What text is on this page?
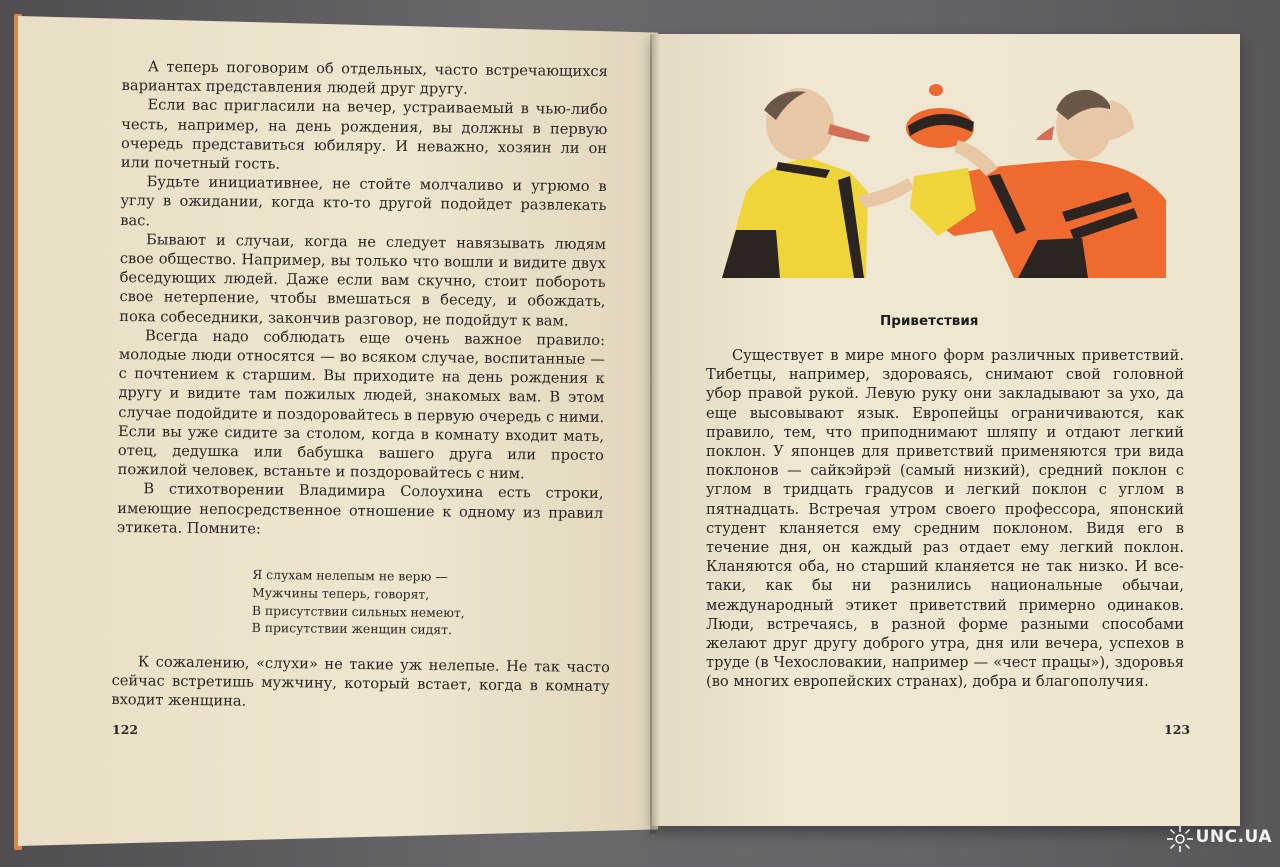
А теперь поговорим об отдельных, часто встречающихся вариантах представления людей друг другу.

Если вас пригласили на вечер, устраиваемый в чью-либо честь, например, на день рождения, вы должны в первую очередь представиться юбиляру. И неважно, хозяин ли он или почетный гость.

Будьте инициативнее, не стойте молчаливо и угрюмо в углу в ожидании, когда кто-то другой подойдет развлекать вас.

Бывают и случаи, когда не следует навязывать людям свое общество. Например, вы только что вошли и видите двух беседующих людей. Даже если вам скучно, стоит побороть свое нетерпение, чтобы вмешаться в беседу, и обождать, пока собеседники, закончив разговор, не подойдут к вам.

Всегда надо соблюдать еще очень важное правило: молодые люди относятся — во всяком случае, воспитанные — с почтением к старшим. Вы приходите на день рождения к другу и видите там пожилых людей, знакомых вам. В этом случае подойдите и поздоровайтесь в первую очередь с ними. Если вы уже сидите за столом, когда в комнату входит мать, отец, дедушка или бабушка вашего друга или просто пожилой человек, встаньте и поздоровайтесь с ним.

В стихотворении Владимира Солоухина есть строки, имеющие непосредственное отношение к одному из правил этикета. Помните:

Я слухам нелепым не верю —
Мужчины теперь, говорят,
В присутствии сильных немеют,
В присутствии женщин сидят.

К сожалению, «слухи» не такие уж нелепые. Не так часто сейчас встретишь мужчину, который встает, когда в комнату входит женщина.

122
Приветствия

Существует в мире много форм различных приветствий. Тибетцы, например, здороваясь, снимают свой головной убор правой рукой. Левую руку они закладывают за ухо, да еще высовывают язык. Европейцы ограничиваются, как правило, тем, что приподнимают шляпу и отдают легкий поклон. У японцев для приветствий применяются три вида поклонов — сайкэйрэй (самый низкий), средний поклон с углом в тридцать градусов и легкий поклон с углом в пятнадцать. Встречая утром своего профессора, японский студент кланяется ему средним поклоном. Видя его в течение дня, он каждый раз отдает ему легкий поклон. Кланяются оба, но старший кланяется не так низко. И все-таки, как бы ни разнились национальные обычаи, международный этикет приветствий примерно одинаков. Люди, встречаясь, в разной форме разными способами желают друг другу доброго утра, дня или вечера, успехов в труде (в Чехословакии, например — «чест працы»), здоровья (во многих европейских странах), добра и благополучия.

123
UNC.UA
